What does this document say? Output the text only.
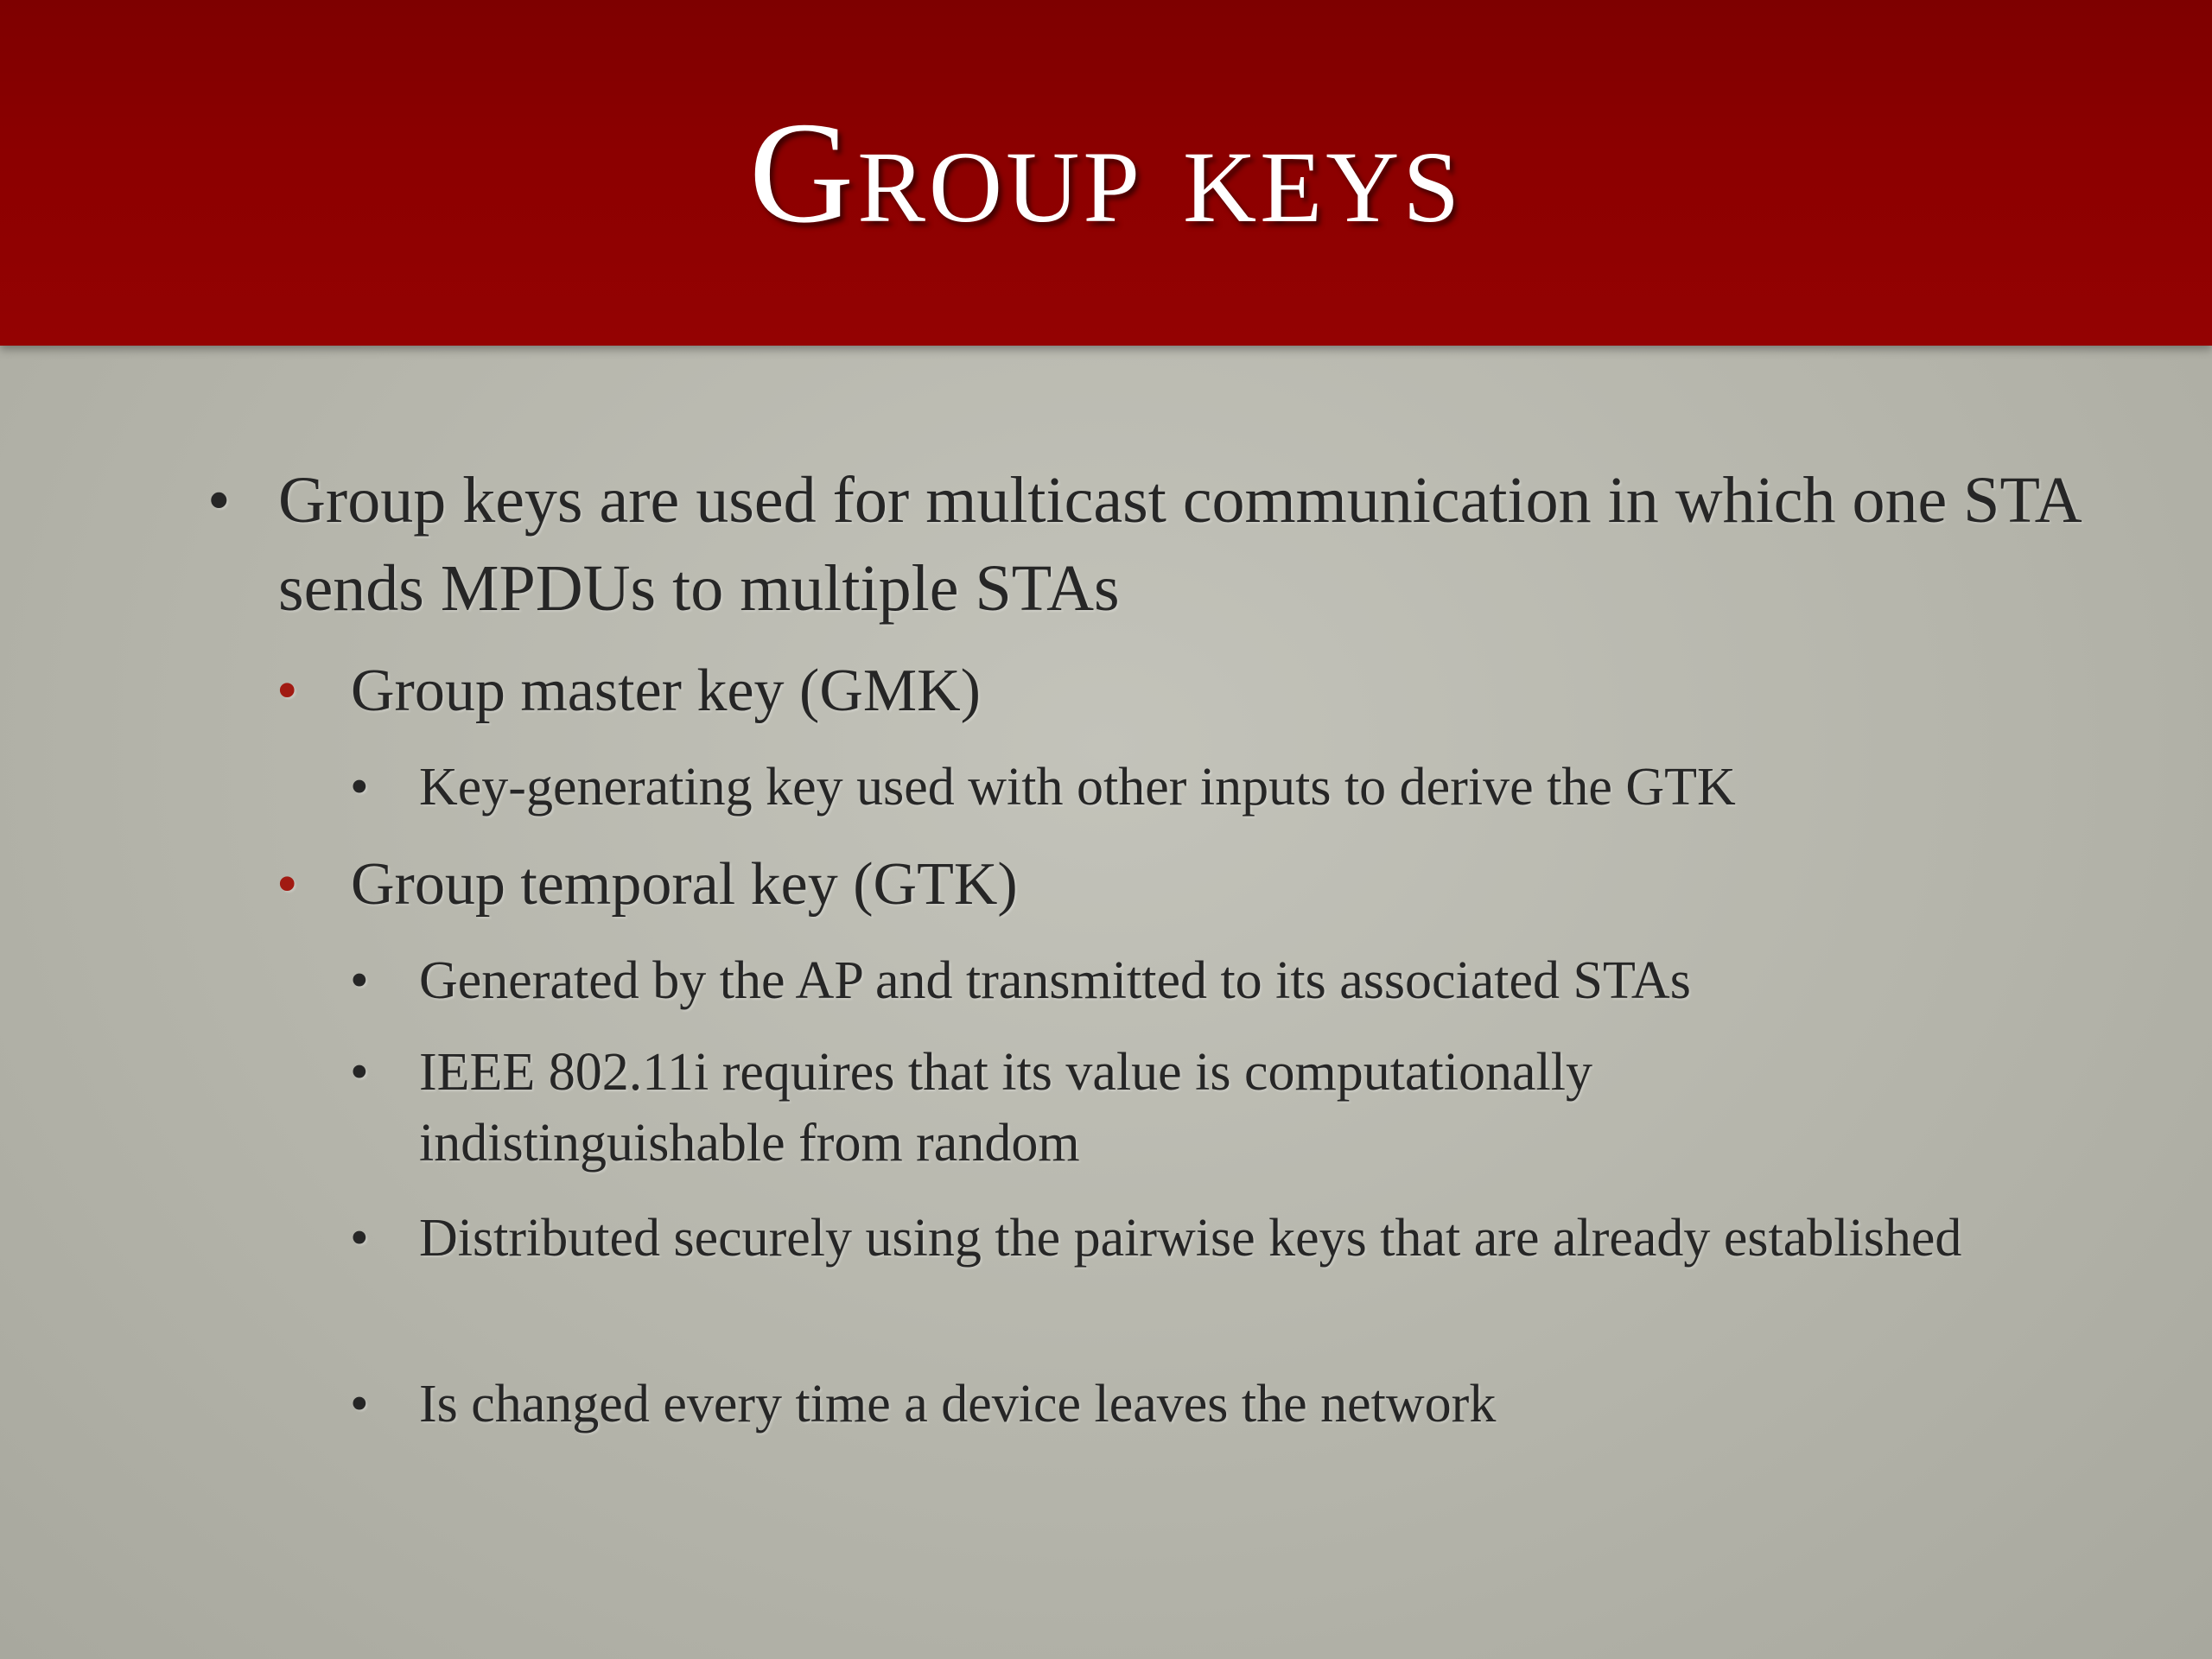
Group keys
• Group keys are used for multicast communication in which one STA sends MPDUs to multiple STAs
• Group master key (GMK)
• Key-generating key used with other inputs to derive the GTK
• Group temporal key (GTK)
• Generated by the AP and transmitted to its associated STAs
• IEEE 802.11i requires that its value is computationally indistinguishable from random
• Distributed securely using the pairwise keys that are already established
• Is changed every time a device leaves the network
